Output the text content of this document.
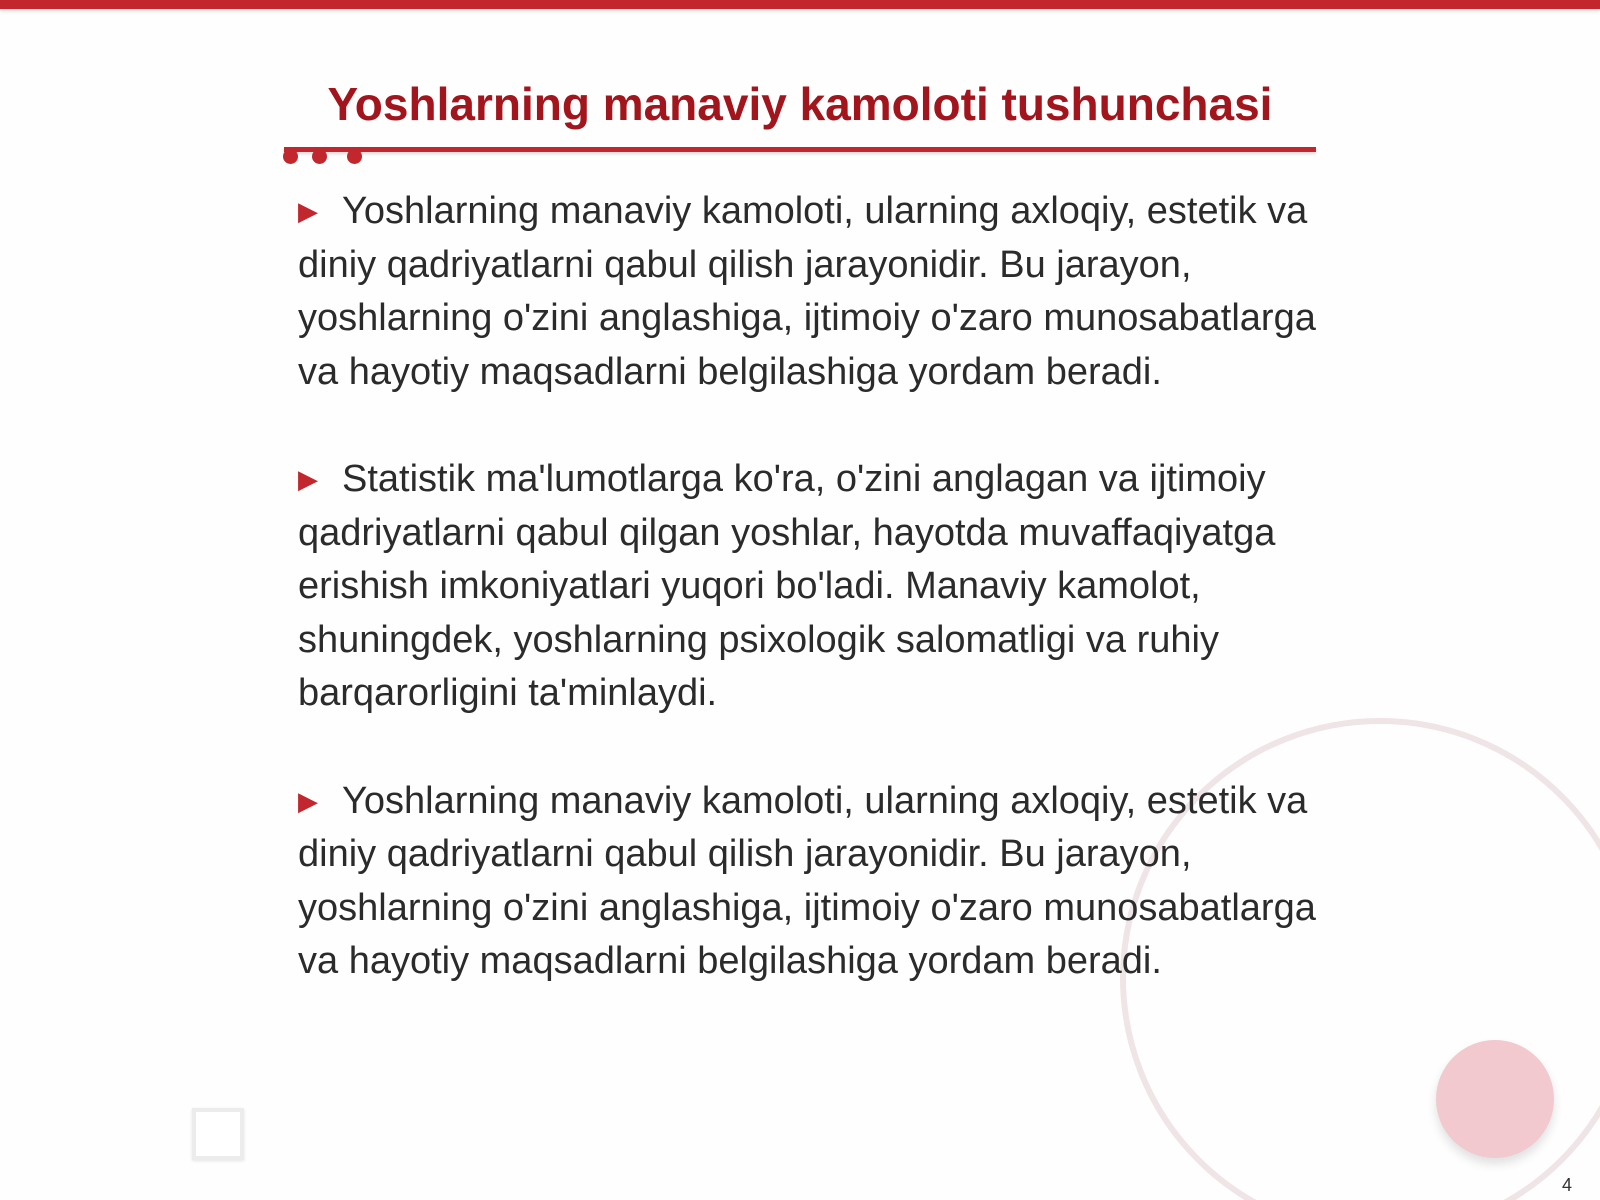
Yoshlarning manaviy kamoloti tushunchasi

▶ Yoshlarning manaviy kamoloti, ularning axloqiy, estetik va diniy qadriyatlarni qabul qilish jarayonidir. Bu jarayon, yoshlarning o'zini anglashiga, ijtimoiy o'zaro munosabatlarga va hayotiy maqsadlarni belgilashiga yordam beradi.

▶ Statistik ma'lumotlarga ko'ra, o'zini anglagan va ijtimoiy qadriyatlarni qabul qilgan yoshlar, hayotda muvaffaqiyatga erishish imkoniyatlari yuqori bo'ladi. Manaviy kamolot, shuningdek, yoshlarning psixologik salomatligi va ruhiy barqarorligini ta'minlaydi.

▶ Yoshlarning manaviy kamoloti, ularning axloqiy, estetik va diniy qadriyatlarni qabul qilish jarayonidir. Bu jarayon, yoshlarning o'zini anglashiga, ijtimoiy o'zaro munosabatlarga va hayotiy maqsadlarni belgilashiga yordam beradi.

4
